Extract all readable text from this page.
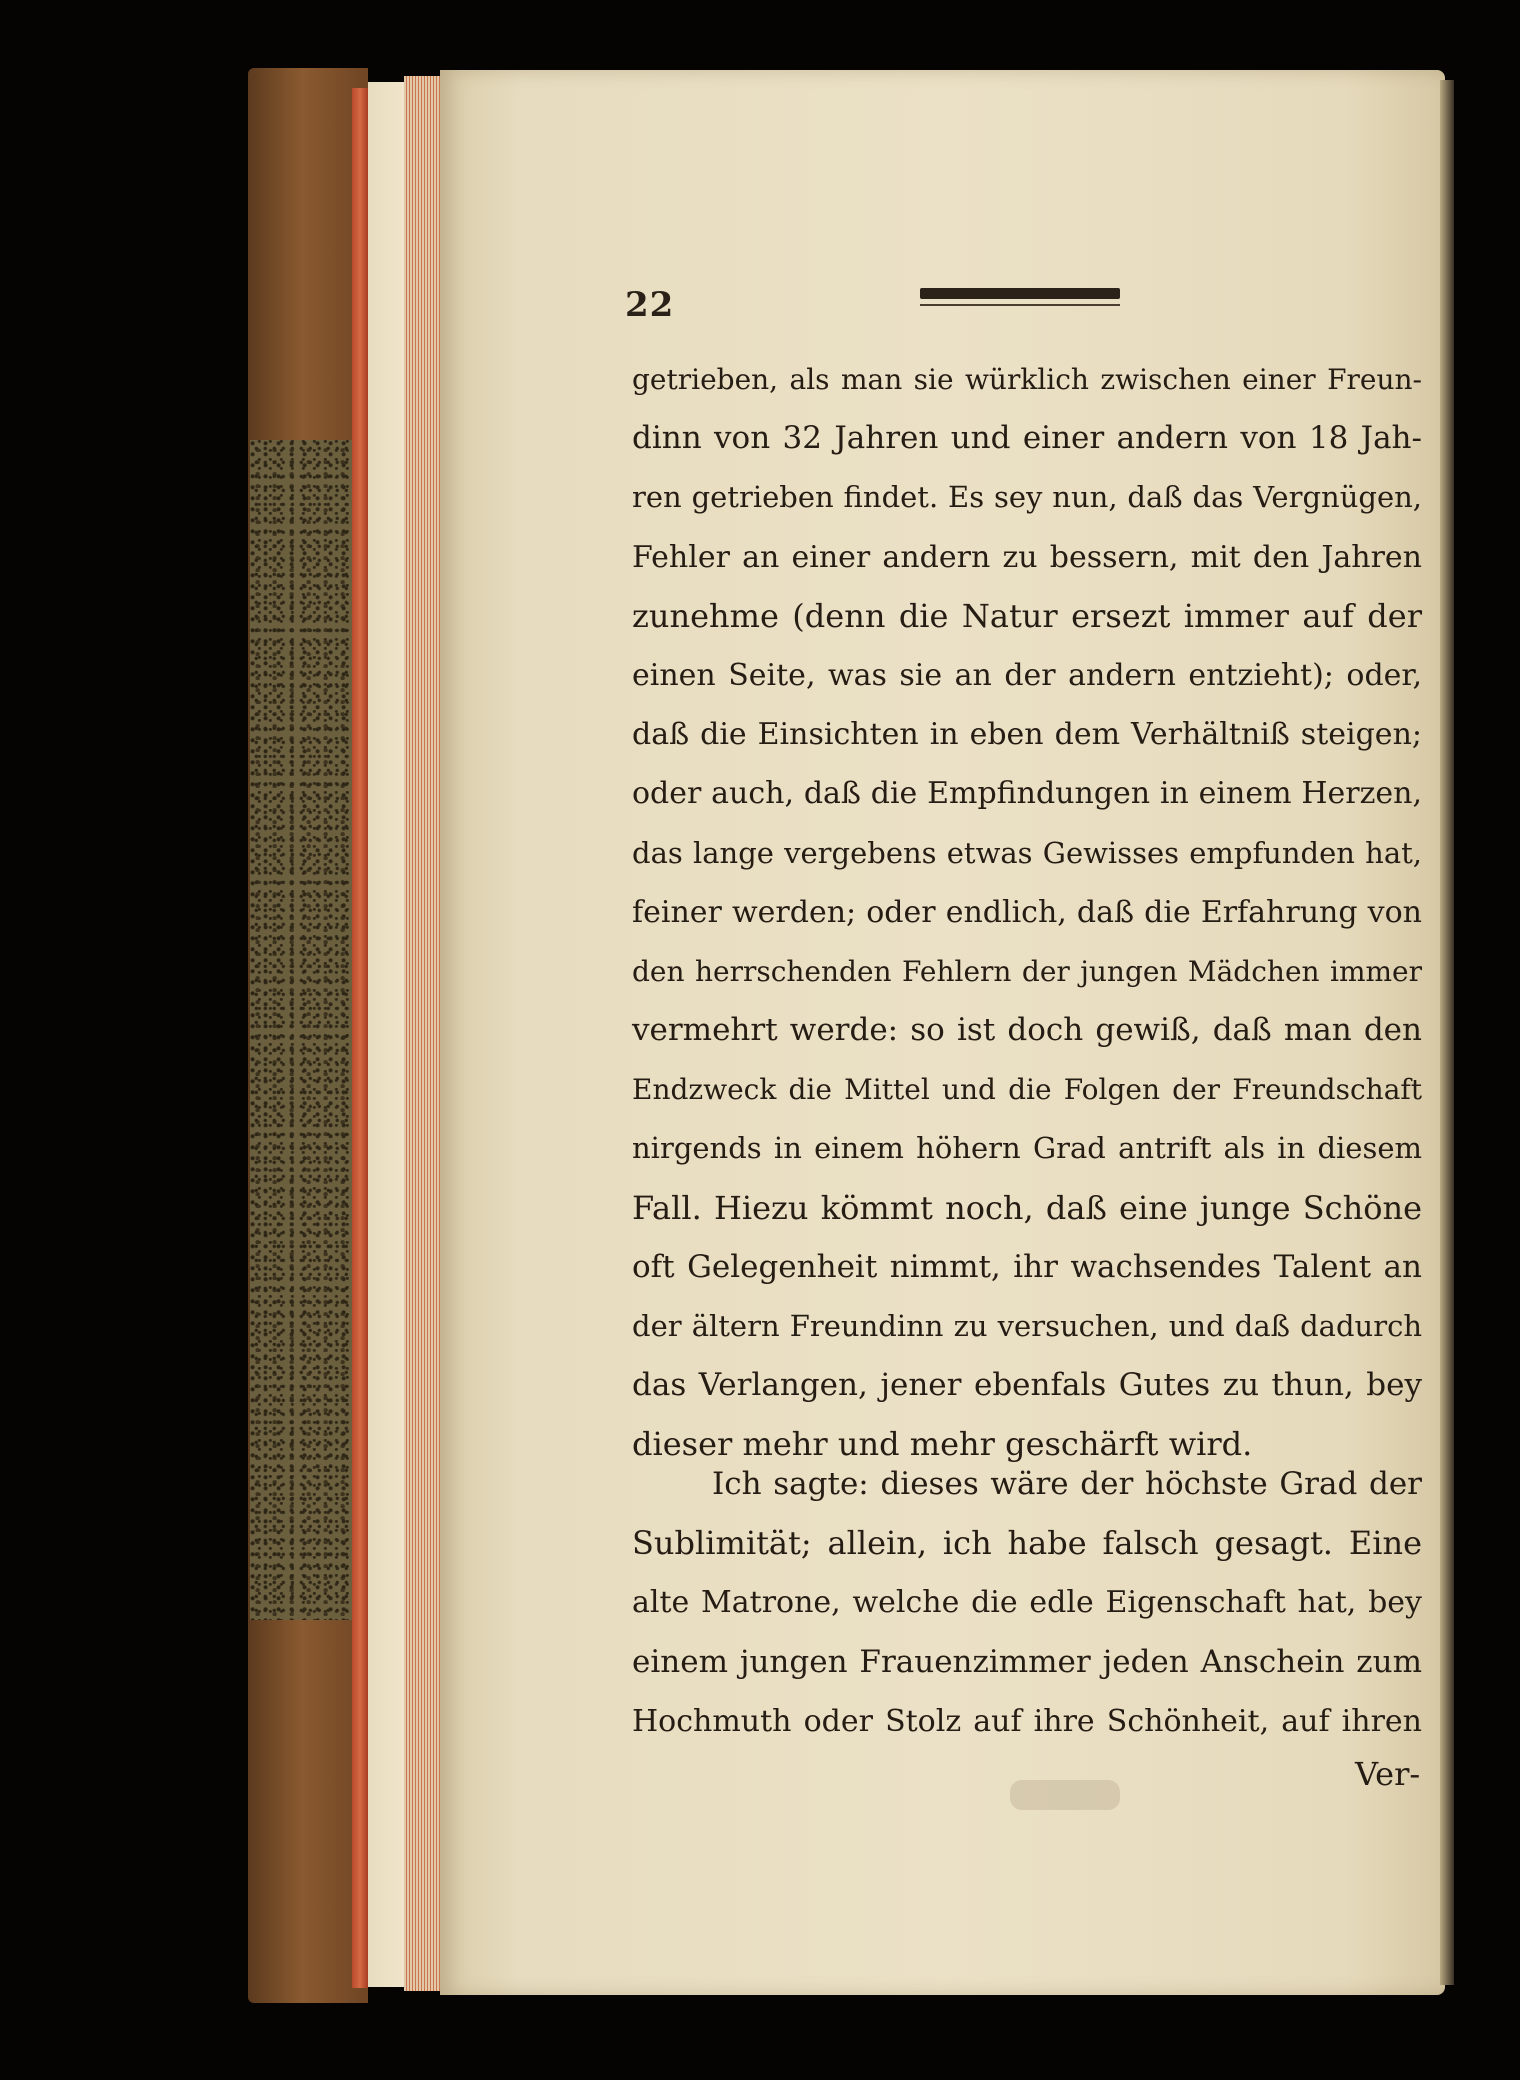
22
getrieben, als man sie würklich zwischen einer Freun-
dinn von 32 Jahren und einer andern von 18 Jah-
ren getrieben findet. Es sey nun, daß das Vergnügen,
Fehler an einer andern zu bessern, mit den Jahren
zunehme (denn die Natur ersezt immer auf der
einen Seite, was sie an der andern entzieht); oder,
daß die Einsichten in eben dem Verhältniß steigen;
oder auch, daß die Empfindungen in einem Herzen,
das lange vergebens etwas Gewisses empfunden hat,
feiner werden; oder endlich, daß die Erfahrung von
den herrschenden Fehlern der jungen Mädchen immer
vermehrt werde: so ist doch gewiß, daß man den
Endzweck die Mittel und die Folgen der Freundschaft
nirgends in einem höhern Grad antrift als in diesem
Fall. Hiezu kömmt noch, daß eine junge Schöne
oft Gelegenheit nimmt, ihr wachsendes Talent an
der ältern Freundinn zu versuchen, und daß dadurch
das Verlangen, jener ebenfals Gutes zu thun, bey
dieser mehr und mehr geschärft wird.
Ich sagte: dieses wäre der höchste Grad der
Sublimität; allein, ich habe falsch gesagt. Eine
alte Matrone, welche die edle Eigenschaft hat, bey
einem jungen Frauenzimmer jeden Anschein zum
Hochmuth oder Stolz auf ihre Schönheit, auf ihren
Ver-
